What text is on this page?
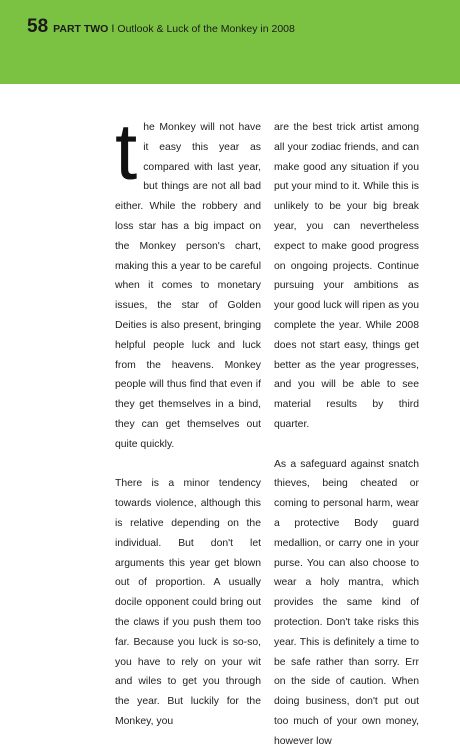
58 PART TWO I Outlook & Luck of the Monkey in 2008

the Monkey will not have it easy this year as compared with last year, but things are not all bad either. While the robbery and loss star has a big impact on the Monkey person's chart, making this a year to be careful when it comes to monetary issues, the star of Golden Deities is also present, bringing helpful people luck and luck from the heavens. Monkey people will thus find that even if they get themselves in a bind, they can get themselves out quite quickly.

There is a minor tendency towards violence, although this is relative depending on the individual. But don't let arguments this year get blown out of proportion. A usually docile opponent could bring out the claws if you push them too far. Because you luck is so-so, you have to rely on your wit and wiles to get you through the year. But luckily for the Monkey, you

are the best trick artist among all your zodiac friends, and can make good any situation if you put your mind to it. While this is unlikely to be your big break year, you can nevertheless expect to make good progress on ongoing projects. Continue pursuing your ambitions as your good luck will ripen as you complete the year. While 2008 does not start easy, things get better as the year progresses, and you will be able to see material results by third quarter.

As a safeguard against snatch thieves, being cheated or coming to personal harm, wear a protective Body guard medallion, or carry one in your purse. You can also choose to wear a holy mantra, which provides the same kind of protection. Don't take risks this year. This is definitely a time to be safe rather than sorry. Err on the side of caution. When doing business, don't put out too much of your own money, however low
